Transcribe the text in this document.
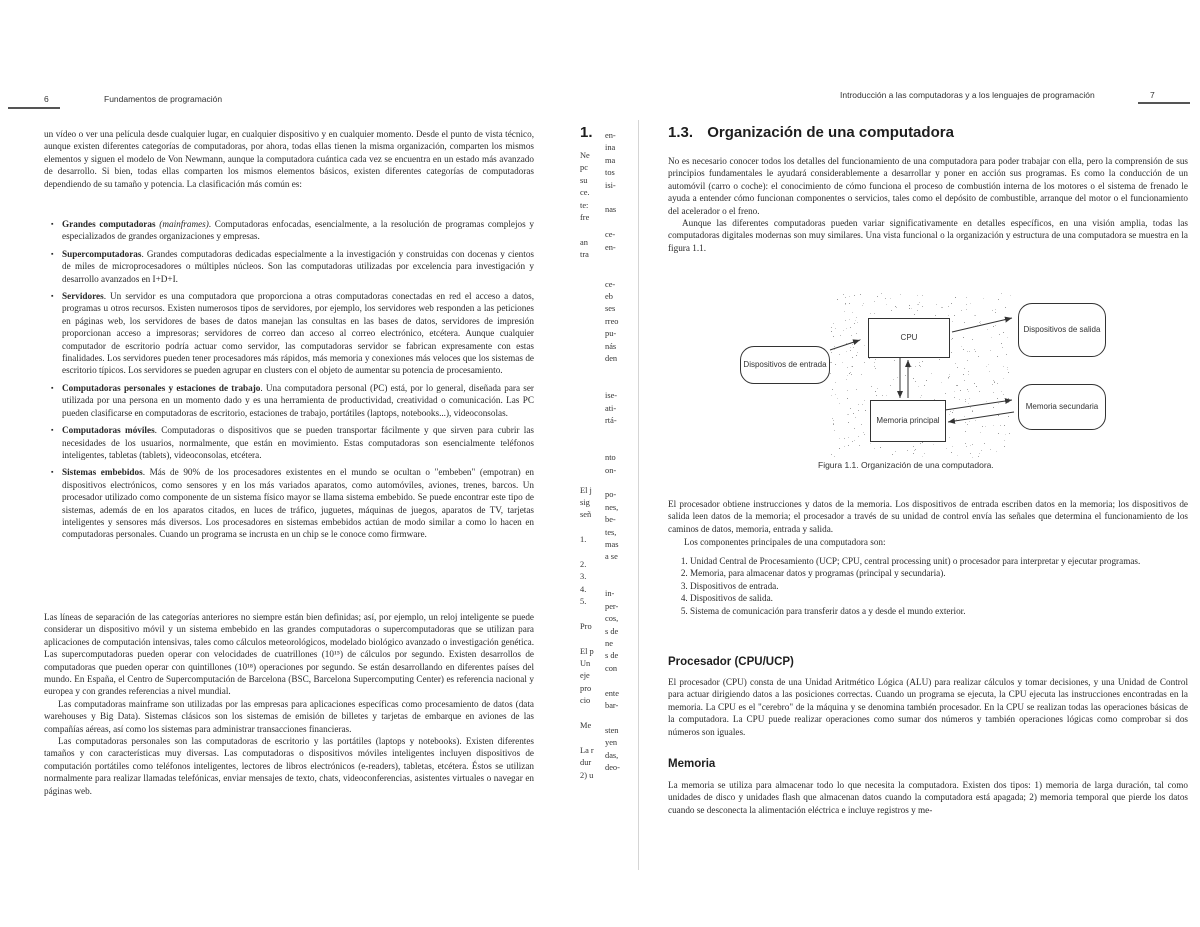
6	Fundamentos de programación
un vídeo o ver una película desde cualquier lugar, en cualquier dispositivo y en cualquier momento. Desde el punto de vista técnico, aunque existen diferentes categorías de computadoras, por ahora, todas ellas tienen la misma organización, comparten los mismos elementos y siguen el modelo de Von Newmann, aunque la computadora cuántica cada vez se encuentra en un estado más avanzado de desarrollo. Si bien, todas ellas comparten los mismos elementos básicos, existen diferentes categorías de computadoras dependiendo de su tamaño y potencia. La clasificación más común es:
▪ Grandes computadoras (mainframes). Computadoras enfocadas, esencialmente, a la resolución de programas complejos y especializados de grandes organizaciones y empresas.
▪ Supercomputadoras. Grandes computadoras dedicadas especialmente a la investigación y construidas con docenas y cientos de miles de microprocesadores o múltiples núcleos. Son las computadoras utilizadas por excelencia para investigación y desarrollo avanzados en I+D+I.
▪ Servidores. Un servidor es una computadora que proporciona a otras computadoras conectadas en red el acceso a datos, programas u otros recursos. Existen numerosos tipos de servidores, por ejemplo, los servidores web responden a las peticiones en páginas web, los servidores de bases de datos manejan las consultas en las bases de datos, servidores de impresión proporcionan acceso a impresoras; servidores de correo dan acceso al correo electrónico, etcétera. Aunque cualquier computador de escritorio podría actuar como servidor, las computadoras servidor se fabrican expresamente con estas finalidades. Los servidores pueden tener procesadores más rápidos, más memoria y conexiones más veloces que los sistemas de escritorio típicos. Los servidores se pueden agrupar en clusters con el objeto de aumentar su potencia de procesamiento.
▪ Computadoras personales y estaciones de trabajo. Una computadora personal (PC) está, por lo general, diseñada para ser utilizada por una persona en un momento dado y es una herramienta de productividad, creatividad o comunicación. Las PC pueden clasificarse en computadoras de escritorio, estaciones de trabajo, portátiles (laptops, notebooks...), videoconsolas.
▪ Computadoras móviles. Computadoras o dispositivos que se pueden transportar fácilmente y que sirven para cubrir las necesidades de los usuarios, normalmente, que están en movimiento. Estas computadoras son esencialmente teléfonos inteligentes, tabletas (tablets), videoconsolas, etcétera.
▪ Sistemas embebidos. Más de 90% de los procesadores existentes en el mundo se ocultan o "embeben" (empotran) en dispositivos electrónicos, como sensores y en los más variados aparatos, como automóviles, aviones, trenes, barcos. Un procesador utilizado como componente de un sistema físico mayor se llama sistema embebido. Se puede encontrar este tipo de sistemas, además de en los aparatos citados, en luces de tráfico, juguetes, máquinas de juegos, aparatos de TV, tarjetas inteligentes y sensores más diversos. Los procesadores en sistemas embebidos actúan de modo similar a como lo hacen en computadoras personales. Cuando un programa se incrusta en un chip se le conoce como firmware.

Las líneas de separación de las categorías anteriores no siempre están bien definidas; así, por ejemplo, un reloj inteligente se puede considerar un dispositivo móvil y un sistema embebido en las grandes computadoras o supercomputadoras que se utilizan para aplicaciones de computación intensivas, tales como cálculos meteorológicos, modelado biológico avanzado o investigación genética. Las supercomputadoras pueden operar con velocidades de cuatrillones (10¹⁵) de cálculos por segundo. Existen desarrollos de computadoras que pueden operar con quintillones (10¹⁸) operaciones por segundo. Se están desarrollando en diferentes países del mundo. En España, el Centro de Supercomputación de Barcelona (BSC, Barcelona Supercomputing Center) es referencia nacional y europea y con grandes referencias a nivel mundial.

Las computadoras mainframe son utilizadas por las empresas para aplicaciones específicas como procesamiento de datos (data warehouses y Big Data). Sistemas clásicos son los sistemas de emisión de billetes y tarjetas de embarque en aviones de las compañías aéreas, así como los sistemas para administrar transacciones financieras.

Las computadoras personales son las computadoras de escritorio y las portátiles (laptops y notebooks). Existen diferentes tamaños y con características muy diversas. Las computadoras o dispositivos móviles inteligentes incluyen dispositivos de computación portátiles como teléfonos inteligentes, lectores de libros electrónicos (e-readers), tabletas, etcétera. Éstos se utilizan normalmente para realizar llamadas telefónicas, enviar mensajes de texto, chats, videoconferencias, asistentes virtuales o navegar en páginas web.

1.
Ne
pc
su
ce.
te:
fre
an
tra
El j
sig
señ
1.
2.
3.
4.
5.
Pro
El p
Un
eje
pro
cio
Me
La r
dur
2) u
en-
ina
ma
tos
isi-
nas
ce-
en-
ce-
eb
ses
rreo
pu-
nás
den
ise-
ati-
rtá-
nto
on-
po-
nes,
be-
tes,
mas
a se
in-
per-
cos,
s de
ne
s de
con
ente
bar-
sten
yen
das,
deo-
Introducción a las computadoras y a los lenguajes de programación	7
1.3. Organización de una computadora

No es necesario conocer todos los detalles del funcionamiento de una computadora para poder trabajar con ella, pero la comprensión de sus principios fundamentales le ayudará considerablemente a desarrollar y poner en acción sus programas. Es como la conducción de un automóvil (carro o coche): el conocimiento de cómo funciona el proceso de combustión interna de los motores o el sistema de frenado le ayuda a entender cómo funcionan componentes o servicios, tales como el depósito de combustible, arranque del motor o el funcionamiento del acelerador o el freno.

Aunque las diferentes computadoras pueden variar significativamente en detalles específicos, en una visión amplia, todas las computadoras digitales modernas son muy similares. Una vista funcional o la organización y estructura de una computadora se muestra en la figura 1.1.

CPU
Dispositivos de entrada
Dispositivos de salida
Memoria principal
Memoria secundaria
Figura 1.1. Organización de una computadora.
El procesador obtiene instrucciones y datos de la memoria. Los dispositivos de entrada escriben datos en la memoria; los dispositivos de salida leen datos de la memoria; el procesador a través de su unidad de control envía las señales que determina el funcionamiento de los caminos de datos, memoria, entrada y salida.
Los componentes principales de una computadora son:
1. Unidad Central de Procesamiento (UCP; CPU, central processing unit) o procesador para interpretar y ejecutar programas.
2. Memoria, para almacenar datos y programas (principal y secundaria).
3. Dispositivos de entrada.
4. Dispositivos de salida.
5. Sistema de comunicación para transferir datos a y desde el mundo exterior.
Procesador (CPU/UCP)
El procesador (CPU) consta de una Unidad Aritmético Lógica (ALU) para realizar cálculos y tomar decisiones, y una Unidad de Control para actuar dirigiendo datos a las posiciones correctas. Cuando un programa se ejecuta, la CPU ejecuta las instrucciones encontradas en la memoria. La CPU es el "cerebro" de la máquina y se denomina también procesador. En la CPU se realizan todas las operaciones básicas de la computadora. La CPU puede realizar operaciones como sumar dos números y también operaciones lógicas como comprobar si dos números son iguales.
Memoria
La memoria se utiliza para almacenar todo lo que necesita la computadora. Existen dos tipos: 1) memoria de larga duración, tal como unidades de disco y unidades flash que almacenan datos cuando la computadora está apagada; 2) memoria temporal que pierde los datos cuando se desconecta la alimentación eléctrica e incluye registros y me-
